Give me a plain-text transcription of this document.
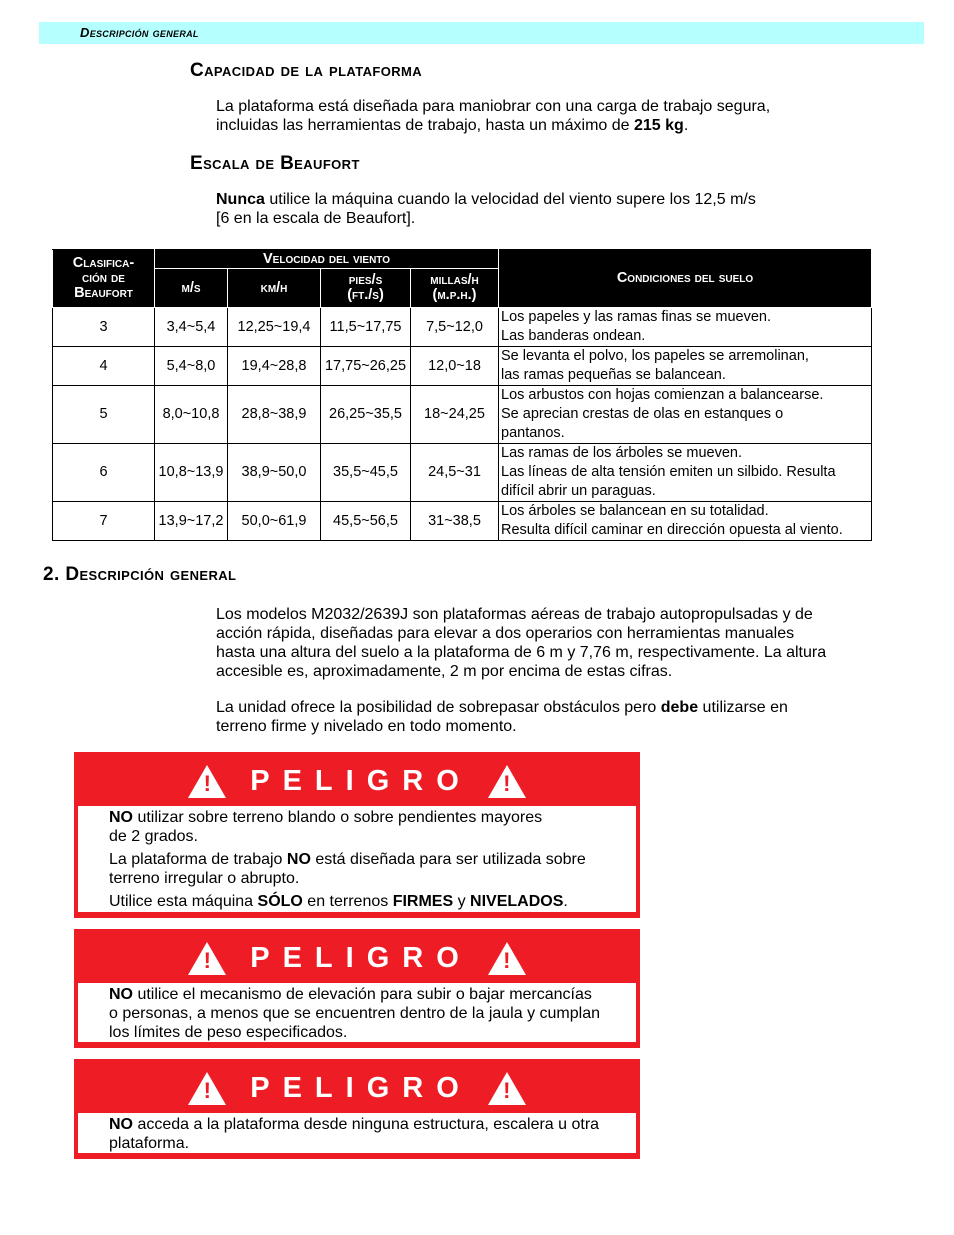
Descripción general
Capacidad de la plataforma

La plataforma está diseñada para maniobrar con una carga de trabajo segura,
incluidas las herramientas de trabajo, hasta un máximo de 215 kg.

Escala de Beaufort

Nunca utilice la máquina cuando la velocidad del viento supere los 12,5 m/s
[6 en la escala de Beaufort].

Clasifica-
ción de
Beaufort	Velocidad del viento				Condiciones del suelo
	m/s	km/h	pies/s
(ft./s)	millas/h
(m.p.h.)	
3	3,4~5,4	12,25~19,4	11,5~17,75	7,5~12,0	Los papeles y las ramas finas se mueven.
Las banderas ondean.
4	5,4~8,0	19,4~28,8	17,75~26,25	12,0~18	Se levanta el polvo, los papeles se arremolinan,
las ramas pequeñas se balancean.
5	8,0~10,8	28,8~38,9	26,25~35,5	18~24,25	Los arbustos con hojas comienzan a balancearse.
Se aprecian crestas de olas en estanques o
pantanos.
6	10,8~13,9	38,9~50,0	35,5~45,5	24,5~31	Las ramas de los árboles se mueven.
Las líneas de alta tensión emiten un silbido. Resulta
difícil abrir un paraguas.
7	13,9~17,2	50,0~61,9	45,5~56,5	31~38,5	Los árboles se balancean en su totalidad.
Resulta difícil caminar en dirección opuesta al viento.
2. Descripción general

Los modelos M2032/2639J son plataformas aéreas de trabajo autopropulsadas y de
acción rápida, diseñadas para elevar a dos operarios con herramientas manuales
hasta una altura del suelo a la plataforma de 6 m y 7,76 m, respectivamente. La altura
accesible es, aproximadamente, 2 m por encima de estas cifras.

La unidad ofrece la posibilidad de sobrepasar obstáculos pero debe utilizarse en
terreno firme y nivelado en todo momento.

! PELIGRO !

NO utilizar sobre terreno blando o sobre pendientes mayores

de 2 grados.

La plataforma de trabajo NO está diseñada para ser utilizada sobre

terreno irregular o abrupto.

Utilice esta máquina SÓLO en terrenos FIRMES y NIVELADOS.

! PELIGRO !

NO utilice el mecanismo de elevación para subir o bajar mercancías

o personas, a menos que se encuentren dentro de la jaula y cumplan

los límites de peso especificados.

! PELIGRO !

NO acceda a la plataforma desde ninguna estructura, escalera u otra

plataforma.
